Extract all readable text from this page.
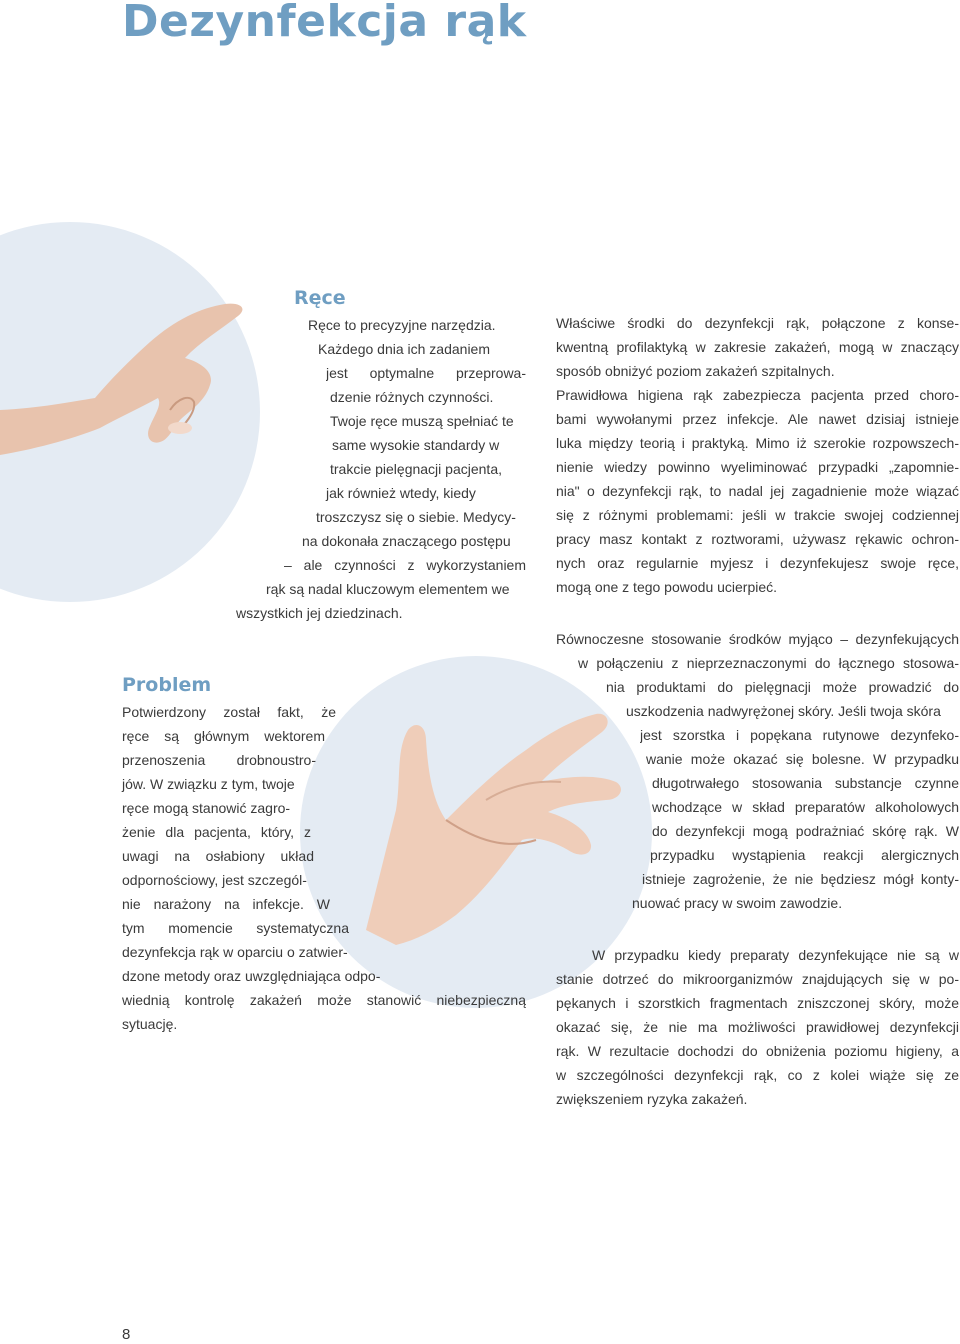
Dezynfekcja rąk
Ręce
Ręce to precyzyjne narzędzia.
Każdego dnia ich zadaniem
jest optymalne przeprowa-
dzenie różnych czynności.
Twoje ręce muszą spełniać te
same wysokie standardy w
trakcie pielęgnacji pacjenta,
jak również wtedy, kiedy
troszczysz się o siebie. Medycy-
na dokonała znaczącego postępu
– ale czynności z wykorzystaniem
rąk są nadal kluczowym elementem we
wszystkich jej dziedzinach.
Problem
Potwierdzony został fakt, że
ręce są głównym wektorem
przenoszenia drobnoustro-
jów. W związku z tym, twoje
ręce mogą stanowić zagro-
żenie dla pacjenta, który, z
uwagi na osłabiony układ
odpornościowy, jest szczegól-
nie narażony na infekcje. W
tym momencie systematyczna
dezynfekcja rąk w oparciu o zatwier-
dzone metody oraz uwzględniająca odpo-
wiednią kontrolę zakażeń może stanowić niebezpieczną
sytuację.
Właściwe środki do dezynfekcji rąk, połączone z konse-
kwentną profilaktyką w zakresie zakażeń, mogą w znaczący
sposób obniżyć poziom zakażeń szpitalnych.
Prawidłowa higiena rąk zabezpiecza pacjenta przed choro-
bami wywołanymi przez infekcje. Ale nawet dzisiaj istnieje
luka między teorią i praktyką. Mimo iż szerokie rozpowszech-
nienie wiedzy powinno wyeliminować przypadki „zapomnie-
nia" o dezynfekcji rąk, to nadal jej zagadnienie może wiązać
się z różnymi problemami: jeśli w trakcie swojej codziennej
pracy masz kontakt z roztworami, używasz rękawic ochron-
nych oraz regularnie myjesz i dezynfekujesz swoje ręce,
mogą one z tego powodu ucierpieć.
Równoczesne stosowanie środków myjąco – dezynfekujących
w połączeniu z nieprzeznaczonymi do łącznego stosowa-
nia produktami do pielęgnacji może prowadzić do
uszkodzenia nadwyrężonej skóry. Jeśli twoja skóra
jest szorstka i popękana rutynowe dezynfeko-
wanie może okazać się bolesne. W przypadku
długotrwałego stosowania substancje czynne
wchodzące w skład preparatów alkoholowych
do dezynfekcji mogą podrażniać skórę rąk. W
przypadku wystąpienia reakcji alergicznych
istnieje zagrożenie, że nie będziesz mógł konty-
nuować pracy w swoim zawodzie.
W przypadku kiedy preparaty dezynfekujące nie są w
stanie dotrzeć do mikroorganizmów znajdujących się w po-
pękanych i szorstkich fragmentach zniszczonej skóry, może
okazać się, że nie ma możliwości prawidłowej dezynfekcji
rąk. W rezultacie dochodzi do obniżenia poziomu higieny, a
w szczególności dezynfekcji rąk, co z kolei wiąże się ze
zwiększeniem ryzyka zakażeń.
8
